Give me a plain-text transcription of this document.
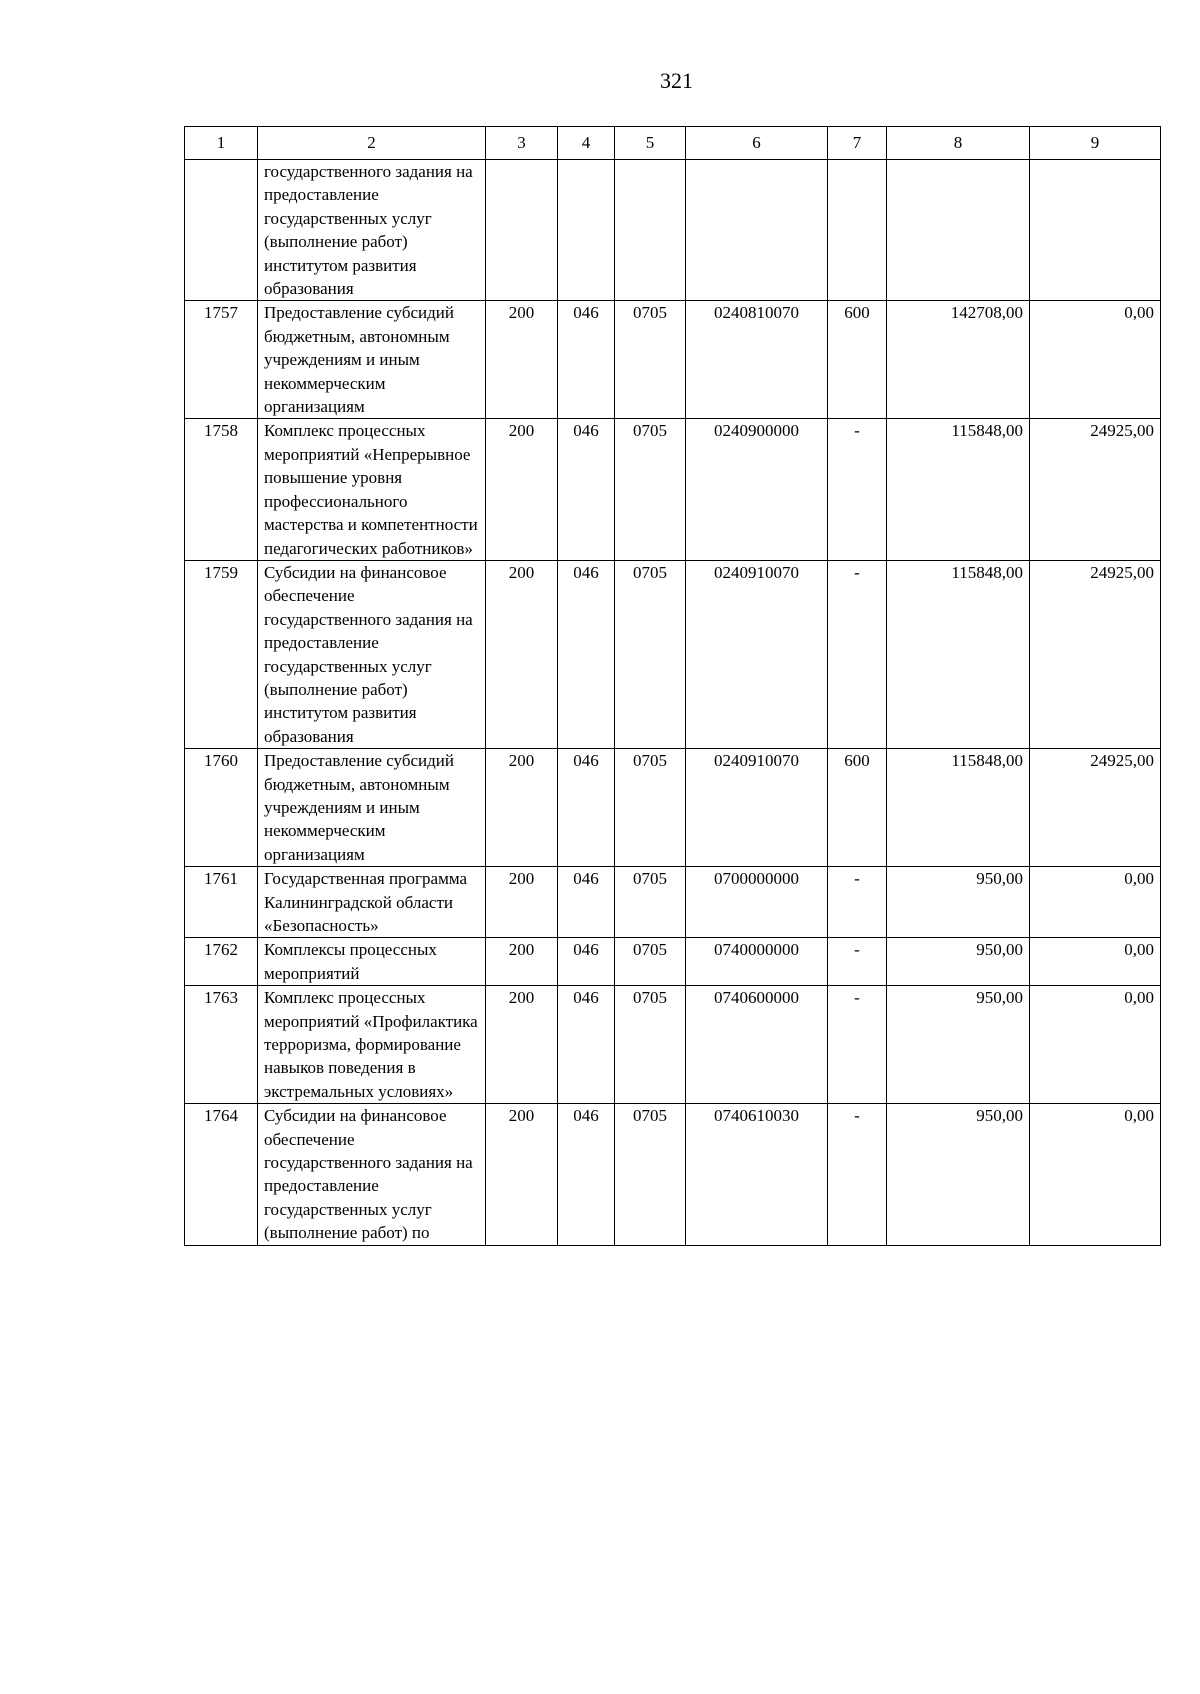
321
1	2	3	4	5	6	7	8	9
	государственного задания на предоставление государственных услуг (выполнение работ) институтом развития образования							
1757	Предоставление субсидий бюджетным, автономным учреждениям и иным некоммерческим организациям	200	046	0705	0240810070	600	142708,00	0,00
1758	Комплекс процессных мероприятий «Непрерывное повышение уровня профессионального мастерства и компетентности педагогических работников»	200	046	0705	0240900000	-	115848,00	24925,00
1759	Субсидии на финансовое обеспечение государственного задания на предоставление государственных услуг (выполнение работ) институтом развития образования	200	046	0705	0240910070	-	115848,00	24925,00
1760	Предоставление субсидий бюджетным, автономным учреждениям и иным некоммерческим организациям	200	046	0705	0240910070	600	115848,00	24925,00
1761	Государственная программа Калининградской области «Безопасность»	200	046	0705	0700000000	-	950,00	0,00
1762	Комплексы процессных мероприятий	200	046	0705	0740000000	-	950,00	0,00
1763	Комплекс процессных мероприятий «Профилактика терроризма, формирование навыков поведения в экстремальных условиях»	200	046	0705	0740600000	-	950,00	0,00
1764	Субсидии на финансовое обеспечение государственного задания на предоставление государственных услуг (выполнение работ) по	200	046	0705	0740610030	-	950,00	0,00
